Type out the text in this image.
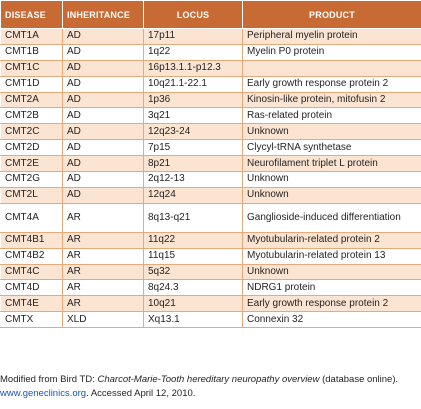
DISEASE	INHERITANCE	LOCUS	PRODUCT
CMT1A	AD	17p11	Peripheral myelin protein
CMT1B	AD	1q22	Myelin P0 protein
CMT1C	AD	16p13.1.1-p12.3	
CMT1D	AD	10q21.1-22.1	Early growth response protein 2
CMT2A	AD	1p36	Kinosin-like protein, mitofusin 2
CMT2B	AD	3q21	Ras-related protein
CMT2C	AD	12q23-24	Unknown
CMT2D	AD	7p15	Clycyl-tRNA synthetase
CMT2E	AD	8p21	Neurofilament triplet L protein
CMT2G	AD	2q12-13	Unknown
CMT2L	AD	12q24	Unknown
CMT4A	AR	8q13-q21	Ganglioside-induced differentiation
CMT4B1	AR	11q22	Myotubularin-related protein 2
CMT4B2	AR	11q15	Myotubularin-related protein 13
CMT4C	AR	5q32	Unknown
CMT4D	AR	8q24.3	NDRG1 protein
CMT4E	AR	10q21	Early growth response protein 2
CMTX	XLD	Xq13.1	Connexin 32
Modified from Bird TD: Charcot-Marie-Tooth hereditary neuropathy overview (database online).
www.geneclinics.org. Accessed April 12, 2010.
